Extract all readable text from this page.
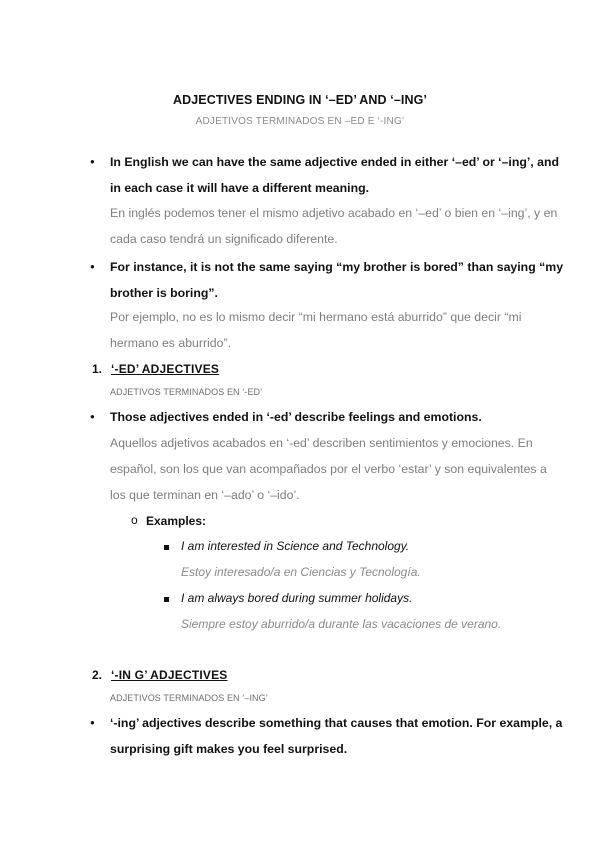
ADJECTIVES ENDING IN ‘–ED’ AND ‘–ING’
ADJETIVOS TERMINADOS EN –ED E ‘-ING’
● In English we can have the same adjective ended in either ‘–ed’ or ‘–ing’, and in each case it will have a different meaning.
En inglés podemos tener el mismo adjetivo acabado en ‘–ed’ o bien en ‘–ing’, y en cada caso tendrá un significado diferente.
● For instance, it is not the same saying “my brother is bored” than saying “my brother is boring”.
Por ejemplo, no es lo mismo decir “mi hermano está aburrido” que decir “mi hermano es aburrido”.
1. ‘-ED’ ADJECTIVES
ADJETIVOS TERMINADOS EN ‘-ED’
● Those adjectives ended in ‘-ed’ describe feelings and emotions.
Aquellos adjetivos acabados en ‘-ed’ describen sentimientos y emociones. En español, son los que van acompañados por el verbo ‘estar’ y son equivalentes a los que terminan en ‘–ado’ o ‘–ido’.
o Examples:
I am interested in Science and Technology.
Estoy interesado/a en Ciencias y Tecnología.
I am always bored during summer holidays.
Siempre estoy aburrido/a durante las vacaciones de verano.
2. ‘-IN G’ ADJECTIVES
ADJETIVOS TERMINADOS EN ‘–ING’
● ‘-ing’ adjectives describe something that causes that emotion. For example, a surprising gift makes you feel surprised.
